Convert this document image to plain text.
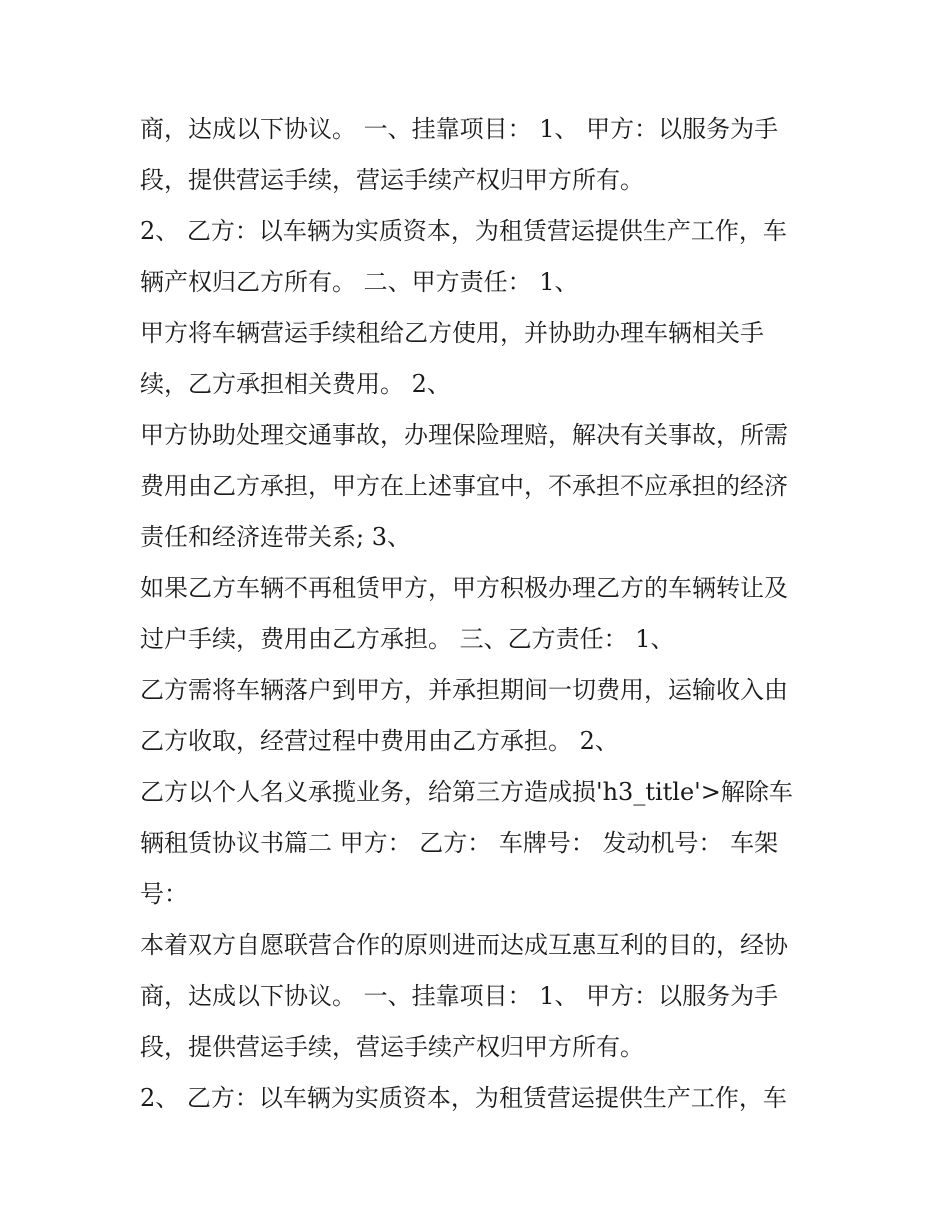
商，达成以下协议。 一、挂靠项目： 1、 甲方：以服务为手
段，提供营运手续，营运手续产权归甲方所有。
2、 乙方：以车辆为实质资本，为租赁营运提供生产工作，车
辆产权归乙方所有。 二、甲方责任： 1、
甲方将车辆营运手续租给乙方使用，并协助办理车辆相关手
续，乙方承担相关费用。 2、
甲方协助处理交通事故，办理保险理赔，解决有关事故，所需
费用由乙方承担，甲方在上述事宜中，不承担不应承担的经济
责任和经济连带关系; 3、
如果乙方车辆不再租赁甲方，甲方积极办理乙方的车辆转让及
过户手续，费用由乙方承担。 三、乙方责任： 1、
乙方需将车辆落户到甲方，并承担期间一切费用，运输收入由
乙方收取，经营过程中费用由乙方承担。 2、
乙方以个人名义承揽业务，给第三方造成损'h3_title'>解除车
辆租赁协议书篇二 甲方： 乙方： 车牌号： 发动机号： 车架
号：
本着双方自愿联营合作的原则进而达成互惠互利的目的，经协
商，达成以下协议。 一、挂靠项目： 1、 甲方：以服务为手
段，提供营运手续，营运手续产权归甲方所有。
2、 乙方：以车辆为实质资本，为租赁营运提供生产工作，车
